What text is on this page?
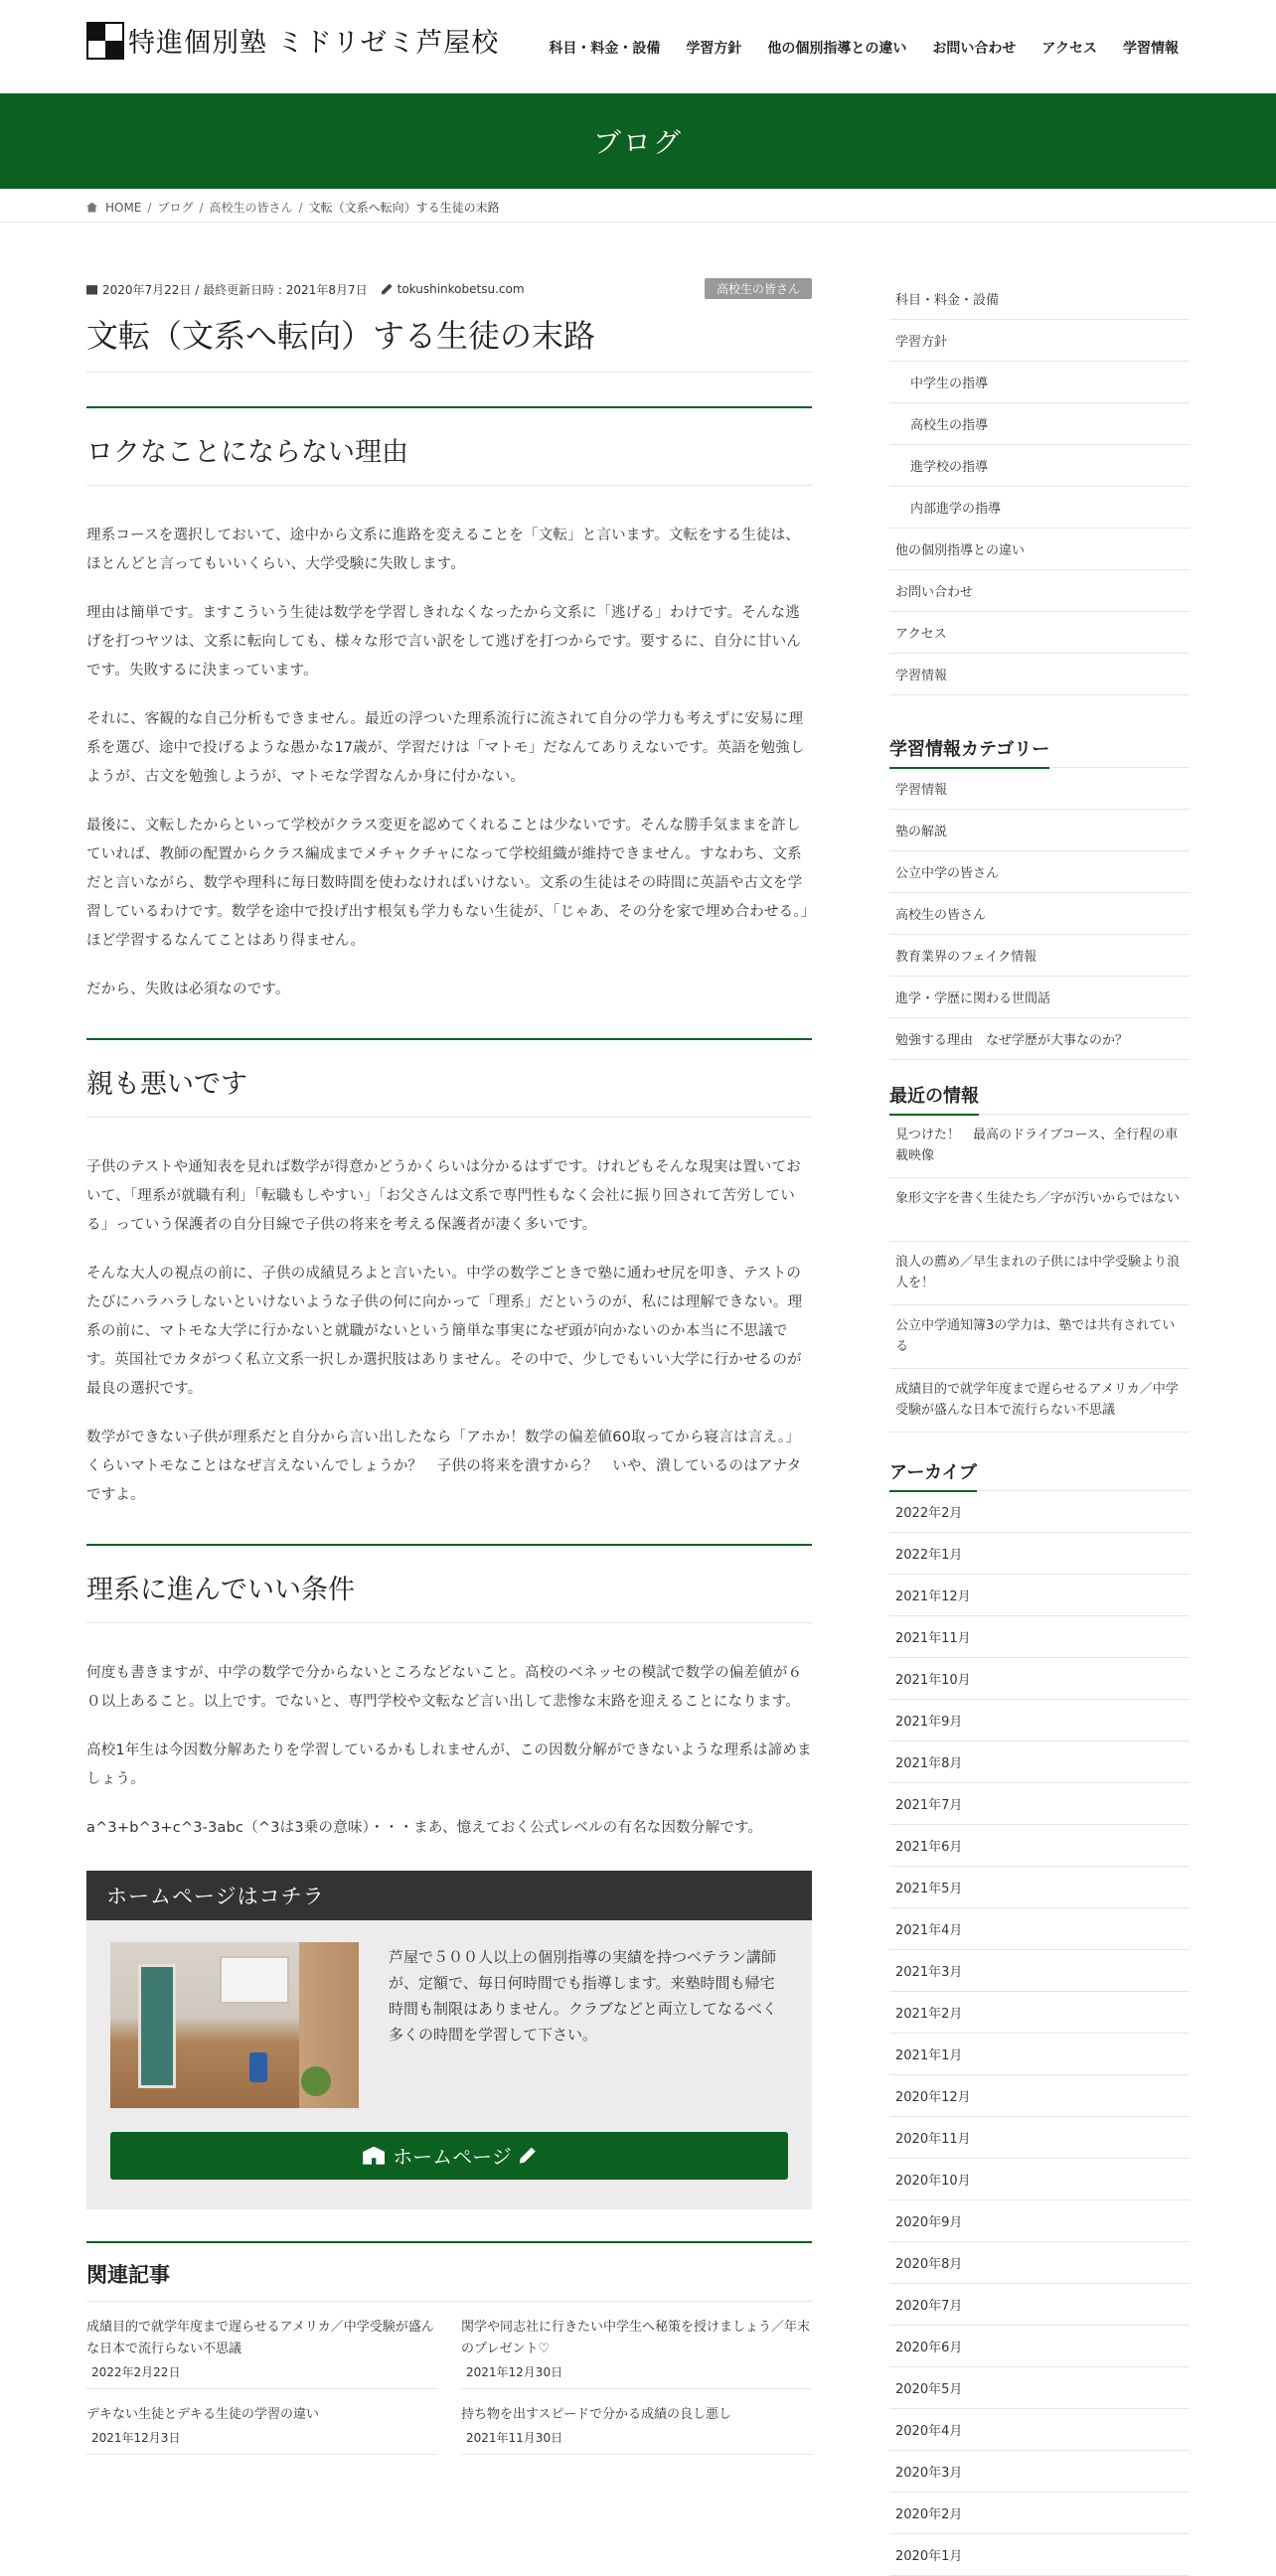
特進個別塾 ミドリゼミ芦屋校	科目・料金・設備 学習方針 他の個別指導との違い お問い合わせ アクセス 学習情報
ブログ
HOME / ブログ / 高校生の皆さん / 文転（文系へ転向）する生徒の末路
2020年7月22日 / 最終更新日時 : 2021年8月7日	tokushinkobetsu.com	高校生の皆さん
文転（文系へ転向）する生徒の末路
ロクなことにならない理由

理系コースを選択しておいて、途中から文系に進路を変えることを「文転」と言います。文転をする生徒は、ほとんどと言ってもいいくらい、大学受験に失敗します。

理由は簡単です。ますこういう生徒は数学を学習しきれなくなったから文系に「逃げる」わけです。そんな逃げを打つヤツは、文系に転向しても、様々な形で言い訳をして逃げを打つからです。要するに、自分に甘いんです。失敗するに決まっています。

それに、客観的な自己分析もできません。最近の浮ついた理系流行に流されて自分の学力も考えずに安易に理系を選び、途中で投げるような愚かな17歳が、学習だけは「マトモ」だなんてありえないです。英語を勉強しようが、古文を勉強しようが、マトモな学習なんか身に付かない。

最後に、文転したからといって学校がクラス変更を認めてくれることは少ないです。そんな勝手気ままを許していれば、教師の配置からクラス編成までメチャクチャになって学校組織が維持できません。すなわち、文系だと言いながら、数学や理科に毎日数時間を使わなければいけない。文系の生徒はその時間に英語や古文を学習しているわけです。数学を途中で投げ出す根気も学力もない生徒が、「じゃあ、その分を家で埋め合わせる。」ほど学習するなんてことはあり得ません。

だから、失敗は必須なのです。

親も悪いです

子供のテストや通知表を見れば数学が得意かどうかくらいは分かるはずです。けれどもそんな現実は置いておいて、「理系が就職有利」「転職もしやすい」「お父さんは文系で専門性もなく会社に振り回されて苦労している」っていう保護者の自分目線で子供の将来を考える保護者が凄く多いです。

そんな大人の視点の前に、子供の成績見ろよと言いたい。中学の数学ごときで塾に通わせ尻を叩き、テストのたびにハラハラしないといけないような子供の何に向かって「理系」だというのが、私には理解できない。理系の前に、マトモな大学に行かないと就職がないという簡単な事実になぜ頭が向かないのか本当に不思議です。英国社でカタがつく私立文系一択しか選択肢はありません。その中で、少しでもいい大学に行かせるのが最良の選択です。

数学ができない子供が理系だと自分から言い出したなら「アホか！数学の偏差値60取ってから寝言は言え。」くらいマトモなことはなぜ言えないんでしょうか？　子供の将来を潰すから？　いや、潰しているのはアナタですよ。

理系に進んでいい条件

何度も書きますが、中学の数学で分からないところなどないこと。高校のベネッセの模試で数学の偏差値が６０以上あること。以上です。でないと、専門学校や文転など言い出して悲惨な末路を迎えることになります。

高校1年生は今因数分解あたりを学習しているかもしれませんが、この因数分解ができないような理系は諦めましょう。

a^3+b^3+c^3-3abc（^3は3乗の意味）・・・まあ、憶えておく公式レベルの有名な因数分解です。

ホームページはコチラ

芦屋で５００人以上の個別指導の実績を持つベテラン講師が、定額で、毎日何時間でも指導します。来塾時間も帰宅時間も制限はありません。クラブなどと両立してなるべく多くの時間を学習して下さい。

ホームページ
関連記事
成績目的で就学年度まで遅らせるアメリカ／中学受験が盛んな日本で流行らない不思議
2022年2月22日
関学や同志社に行きたい中学生へ秘策を授けましょう／年末のプレゼント♡
2021年12月30日
デキない生徒とデキる生徒の学習の違い
2021年12月3日
持ち物を出すスピードで分かる成績の良し悪し
2021年11月30日
科目・料金・設備
学習方針
中学生の指導
高校生の指導
進学校の指導
内部進学の指導
他の個別指導との違い
お問い合わせ
アクセス
学習情報
学習情報カテゴリー
学習情報
塾の解説
公立中学の皆さん
高校生の皆さん
教育業界のフェイク情報
進学・学歴に関わる世間話
勉強する理由　なぜ学歴が大事なのか？
最近の情報
見つけた！　最高のドライブコース、全行程の車載映像
象形文字を書く生徒たち／字が汚いからではない
浪人の薦め／早生まれの子供には中学受験より浪人を！
公立中学通知簿3の学力は、塾では共有されている
成績目的で就学年度まで遅らせるアメリカ／中学受験が盛んな日本で流行らない不思議
アーカイブ
2022年2月
2022年1月
2021年12月
2021年11月
2021年10月
2021年9月
2021年8月
2021年7月
2021年6月
2021年5月
2021年4月
2021年3月
2021年2月
2021年1月
2020年12月
2020年11月
2020年10月
2020年9月
2020年8月
2020年7月
2020年6月
2020年5月
2020年4月
2020年3月
2020年2月
2020年1月
